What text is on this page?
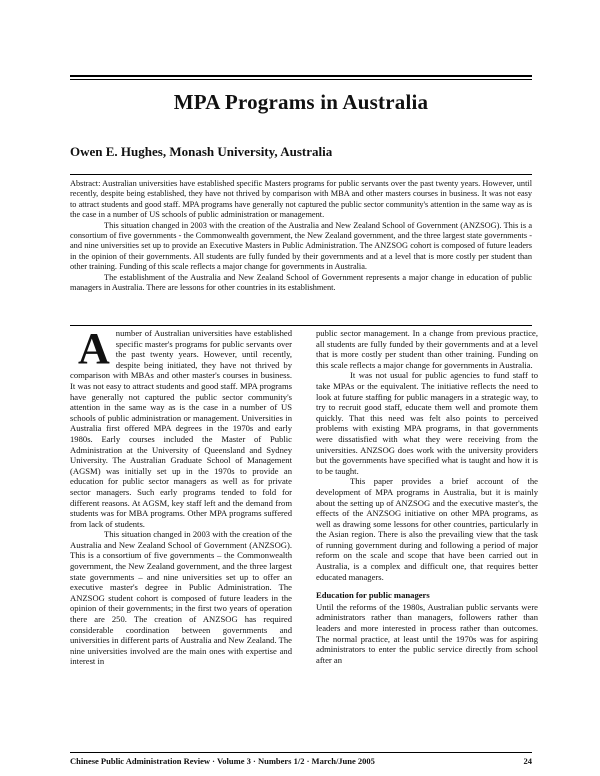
MPA Programs in Australia

Owen E. Hughes, Monash University, Australia

Abstract: Australian universities have established specific Masters programs for public servants over the past twenty years. However, until recently, despite being established, they have not thrived by comparison with MBA and other masters courses in business. It was not easy to attract students and good staff. MPA programs have generally not captured the public sector community's attention in the same way as is the case in a number of US schools of public administration or management.

This situation changed in 2003 with the creation of the Australia and New Zealand School of Government (ANZSOG). This is a consortium of five governments - the Commonwealth government, the New Zealand government, and the three largest state governments - and nine universities set up to provide an Executive Masters in Public Administration. The ANZSOG cohort is composed of future leaders in the opinion of their governments. All students are fully funded by their governments and at a level that is more costly per student than other training. Funding of this scale reflects a major change for governments in Australia.

The establishment of the Australia and New Zealand School of Government represents a major change in education of public managers in Australia. There are lessons for other countries in its establishment.

Anumber of Australian universities have established specific master's programs for public servants over the past twenty years. However, until recently, despite being initiated, they have not thrived by comparison with MBAs and other master's courses in business. It was not easy to attract students and good staff. MPA programs have generally not captured the public sector community's attention in the same way as is the case in a number of US schools of public administration or management. Universities in Australia first offered MPA degrees in the 1970s and early 1980s. Early courses included the Master of Public Administration at the University of Queensland and Sydney University. The Australian Graduate School of Management (AGSM) was initially set up in the 1970s to provide an education for public sector managers as well as for private sector managers. Such early programs tended to fold for different reasons. At AGSM, key staff left and the demand from students was for MBA programs. Other MPA programs suffered from lack of students.

This situation changed in 2003 with the creation of the Australia and New Zealand School of Government (ANZSOG). This is a consortium of five governments – the Commonwealth government, the New Zealand government, and the three largest state governments – and nine universities set up to offer an executive master's degree in Public Administration. The ANZSOG student cohort is composed of future leaders in the opinion of their governments; in the first two years of operation there are 250. The creation of ANZSOG has required considerable coordination between governments and universities in different parts of Australia and New Zealand. The nine universities involved are the main ones with expertise and interest in

public sector management. In a change from previous practice, all students are fully funded by their governments and at a level that is more costly per student than other training. Funding on this scale reflects a major change for governments in Australia.

It was not usual for public agencies to fund staff to take MPAs or the equivalent. The initiative reflects the need to look at future staffing for public managers in a strategic way, to try to recruit good staff, educate them well and promote them quickly. That this need was felt also points to perceived problems with existing MPA programs, in that governments were dissatisfied with what they were receiving from the universities. ANZSOG does work with the university providers but the governments have specified what is taught and how it is to be taught.

This paper provides a brief account of the development of MPA programs in Australia, but it is mainly about the setting up of ANZSOG and the executive master's, the effects of the ANZSOG initiative on other MPA programs, as well as drawing some lessons for other countries, particularly in the Asian region. There is also the prevailing view that the task of running government during and following a period of major reform on the scale and scope that have been carried out in Australia, is a complex and difficult one, that requires better educated managers.

Education for public managers

Until the reforms of the 1980s, Australian public servants were administrators rather than managers, followers rather than leaders and more interested in process rather than outcomes. The normal practice, at least until the 1970s was for aspiring administrators to enter the public service directly from school after an

Chinese Public Administration Review · Volume 3 · Numbers 1/2 · March/June 2005	24
